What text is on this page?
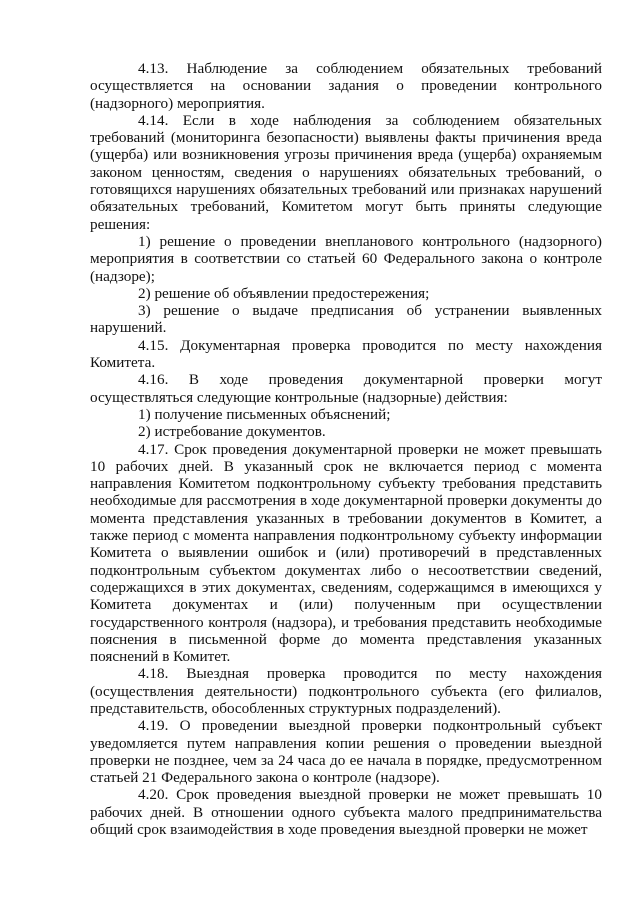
4.13. Наблюдение за соблюдением обязательных требований осуществляется на основании задания о проведении контрольного (надзорного) мероприятия.

4.14. Если в ходе наблюдения за соблюдением обязательных требований (мониторинга безопасности) выявлены факты причинения вреда (ущерба) или возникновения угрозы причинения вреда (ущерба) охраняемым законом ценностям, сведения о нарушениях обязательных требований, о готовящихся нарушениях обязательных требований или признаках нарушений обязательных требований, Комитетом могут быть приняты следующие решения:

1) решение о проведении внепланового контрольного (надзорного) мероприятия в соответствии со статьей 60 Федерального закона о контроле (надзоре);

2) решение об объявлении предостережения;

3) решение о выдаче предписания об устранении выявленных нарушений.

4.15. Документарная проверка проводится по месту нахождения Комитета.

4.16. В ходе проведения документарной проверки могут осуществляться следующие контрольные (надзорные) действия:

1) получение письменных объяснений;

2) истребование документов.

4.17. Срок проведения документарной проверки не может превышать 10 рабочих дней. В указанный срок не включается период с момента направления Комитетом подконтрольному субъекту требования представить необходимые для рассмотрения в ходе документарной проверки документы до момента представления указанных в требовании документов в Комитет, а также период с момента направления подконтрольному субъекту информации Комитета о выявлении ошибок и (или) противоречий в представленных подконтрольным субъектом документах либо о несоответствии сведений, содержащихся в этих документах, сведениям, содержащимся в имеющихся у Комитета документах и (или) полученным при осуществлении государственного контроля (надзора), и требования представить необходимые пояснения в письменной форме до момента представления указанных пояснений в Комитет.

4.18. Выездная проверка проводится по месту нахождения (осуществления деятельности) подконтрольного субъекта (его филиалов, представительств, обособленных структурных подразделений).

4.19. О проведении выездной проверки подконтрольный субъект уведомляется путем направления копии решения о проведении выездной проверки не позднее, чем за 24 часа до ее начала в порядке, предусмотренном статьей 21 Федерального закона о контроле (надзоре).

4.20. Срок проведения выездной проверки не может превышать 10 рабочих дней. В отношении одного субъекта малого предпринимательства общий срок взаимодействия в ходе проведения выездной проверки не может
